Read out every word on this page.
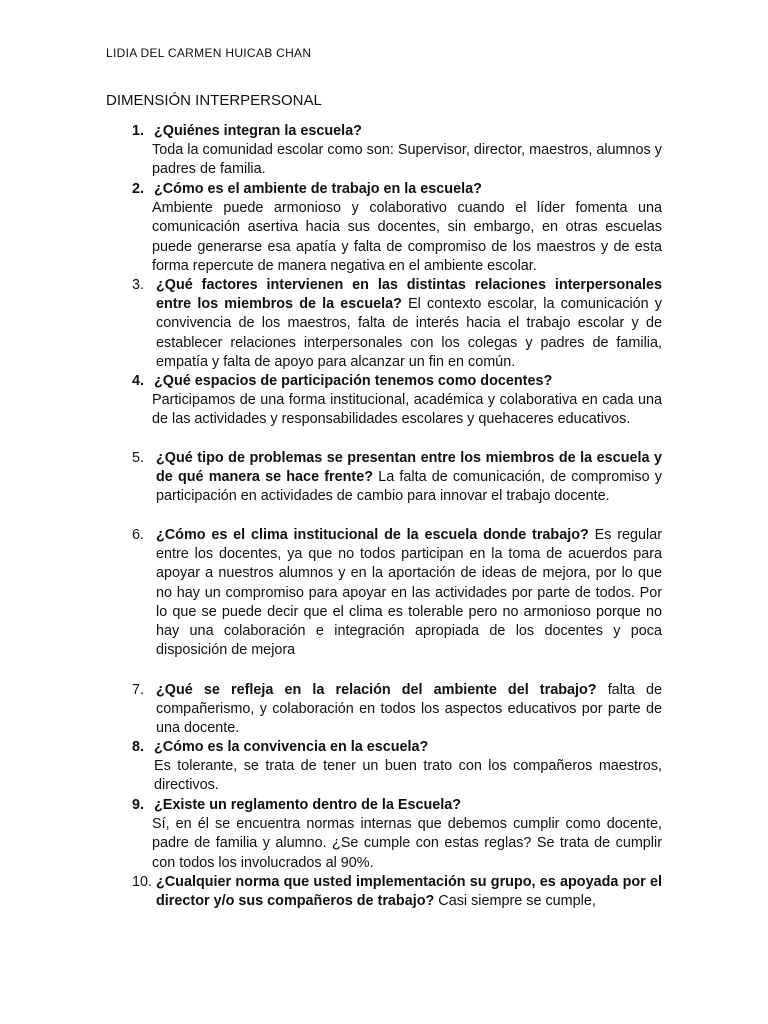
LIDIA DEL CARMEN HUICAB CHAN
DIMENSIÓN INTERPERSONAL
1. ¿Quiénes integran la escuela?
Toda la comunidad escolar como son: Supervisor, director, maestros, alumnos y padres de familia.
2. ¿Cómo es el ambiente de trabajo en la escuela?
Ambiente puede armonioso y colaborativo cuando el líder fomenta una comunicación asertiva hacia sus docentes, sin embargo, en otras escuelas puede generarse esa apatía y falta de compromiso de los maestros y de esta forma repercute de manera negativa en el ambiente escolar.
3. ¿Qué factores intervienen en las distintas relaciones interpersonales entre los miembros de la escuela? El contexto escolar, la comunicación y convivencia de los maestros, falta de interés hacia el trabajo escolar y de establecer relaciones interpersonales con los colegas y padres de familia, empatía y falta de apoyo para alcanzar un fin en común.
4. ¿Qué espacios de participación tenemos como docentes?
Participamos de una forma institucional, académica y colaborativa en cada una de las actividades y responsabilidades escolares y quehaceres educativos.
5. ¿Qué tipo de problemas se presentan entre los miembros de la escuela y de qué manera se hace frente? La falta de comunicación, de compromiso y participación en actividades de cambio para innovar el trabajo docente.
6. ¿Cómo es el clima institucional de la escuela donde trabajo? Es regular entre los docentes, ya que no todos participan en la toma de acuerdos para apoyar a nuestros alumnos y en la aportación de ideas de mejora, por lo que no hay un compromiso para apoyar en las actividades por parte de todos. Por lo que se puede decir que el clima es tolerable pero no armonioso porque no hay una colaboración e integración apropiada de los docentes y poca disposición de mejora
7. ¿Qué se refleja en la relación del ambiente del trabajo? falta de compañerismo, y colaboración en todos los aspectos educativos por parte de una docente.
8. ¿Cómo es la convivencia en la escuela?
Es tolerante, se trata de tener un buen trato con los compañeros maestros, directivos.
9. ¿Existe un reglamento dentro de la Escuela?
Sí, en él se encuentra normas internas que debemos cumplir como docente, padre de familia y alumno. ¿Se cumple con estas reglas? Se trata de cumplir con todos los involucrados al 90%.
10. ¿Cualquier norma que usted implementación su grupo, es apoyada por el director y/o sus compañeros de trabajo? Casi siempre se cumple,
